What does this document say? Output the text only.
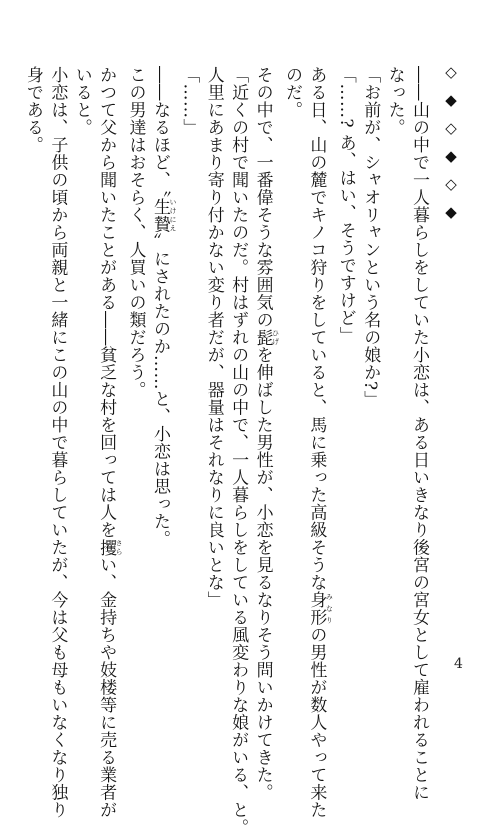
◇
◆
◇
◆
◇
◆

――山の中で一人暮らしをしていた小恋は、ある日いきなり後宮の宮女として雇われることに

なった。

「お前が、シャオリャンという名の娘か?」

「……? あ、はい、そうですけど」

ある日、山の麓でキノコ狩りをしていると、馬に乗った高級そうな身形 みなりの男性が数人やって来た

のだ。

その中で、一番偉そうな雰囲気の髭 ひげを伸ばした男性が、小恋を見るなりそう問いかけてきた。

「近くの村で聞いたのだ。村はずれの山の中で、一人暮らしをしている風変わりな娘がいる、と。

人里にあまり寄り付かない変り者だが、器量はそれなりに良いとな」

「……」

――なるほど、〝生贄 いけにえ〟にされたのか……と、小恋は思った。

この男達はおそらく、人買いの類だろう。

かつて父から聞いたことがある――貧乏な村を回っては人を攫 さらい、金持ちや妓楼等に売る業者が

いると。

小恋は、子供の頃から両親と一緒にこの山の中で暮らしていたが、今は父も母もいなくなり独り

身である。

4
